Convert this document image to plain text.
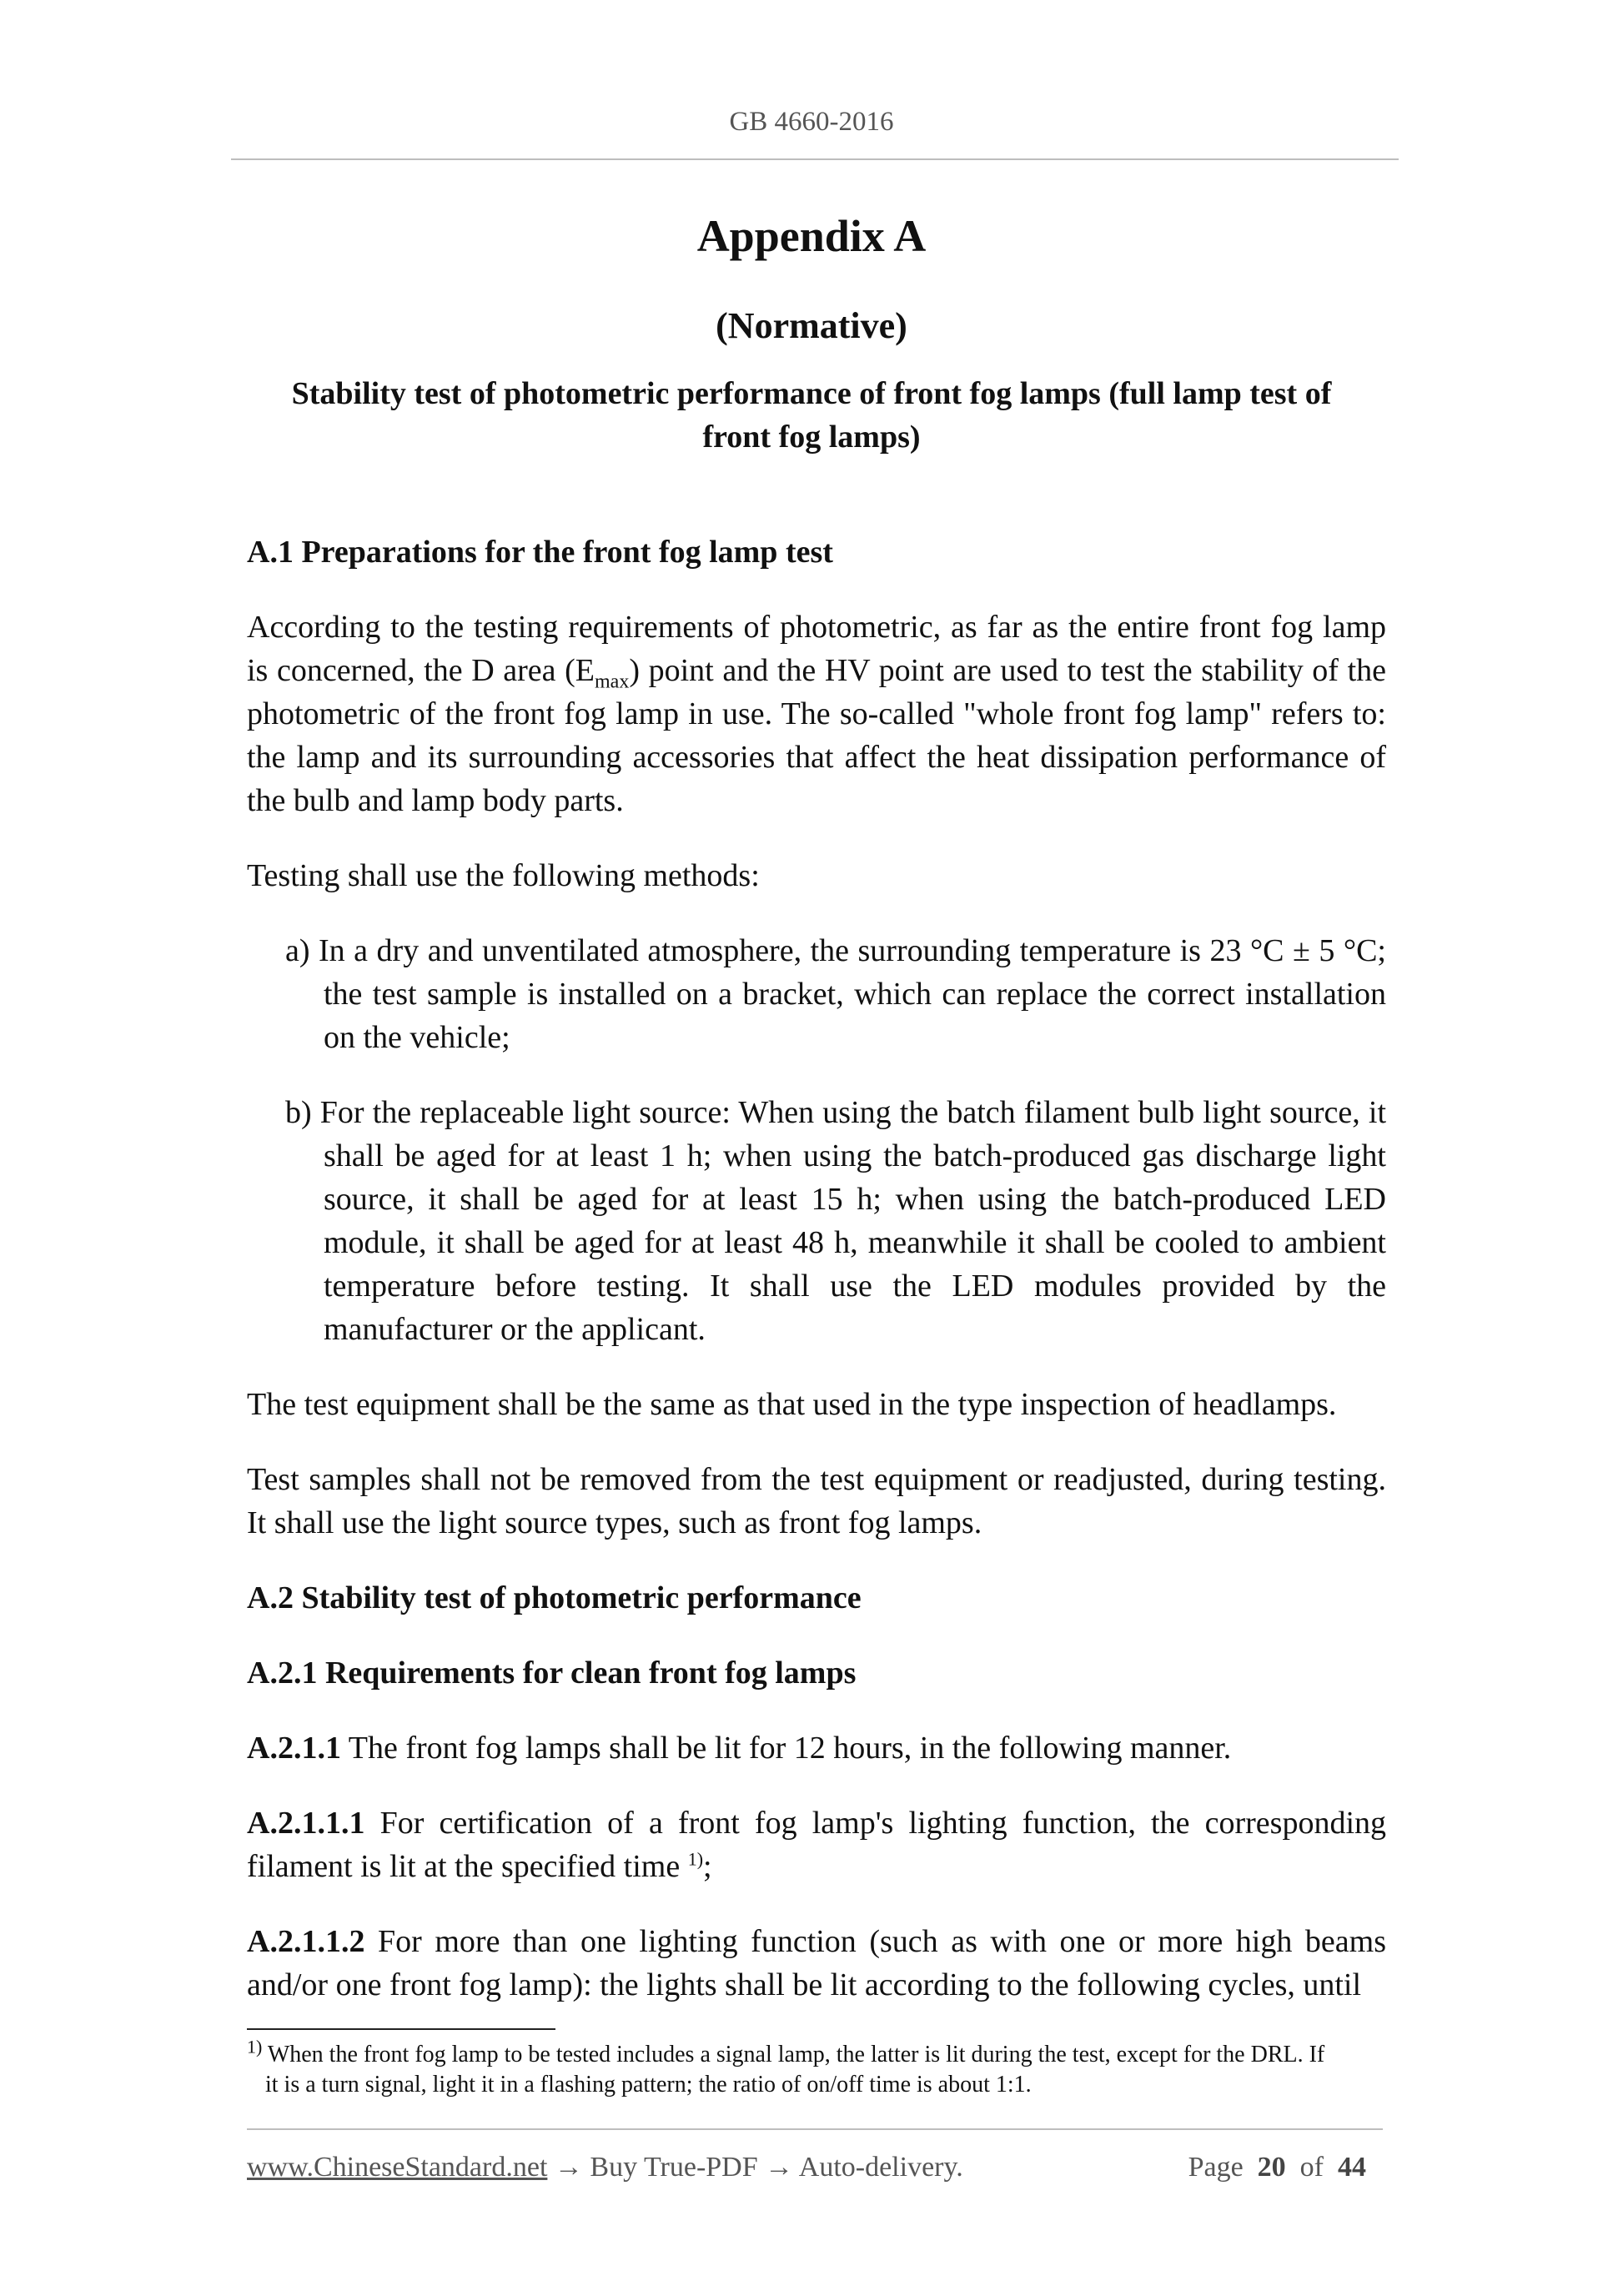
GB 4660-2016
Appendix A
(Normative)
Stability test of photometric performance of front fog lamps (full lamp test of
front fog lamps)

A.1 Preparations for the front fog lamp test

According to the testing requirements of photometric, as far as the entire front fog lamp is concerned, the D area $(E_{max})$ point and the HV point are used to test the stability of the photometric of the front fog lamp in use. The so-called "whole front fog lamp" refers to: the lamp and its surrounding accessories that affect the heat dissipation performance of the bulb and lamp body parts.

Testing shall use the following methods:

a) In a dry and unventilated atmosphere, the surrounding temperature is 23 °C ± 5 °C; the test sample is installed on a bracket, which can replace the correct installation on the vehicle;

b) For the replaceable light source: When using the batch filament bulb light source, it shall be aged for at least 1 h; when using the batch-produced gas discharge light source, it shall be aged for at least 15 h; when using the batch-produced LED module, it shall be aged for at least 48 h, meanwhile it shall be cooled to ambient temperature before testing. It shall use the LED modules provided by the manufacturer or the applicant.

The test equipment shall be the same as that used in the type inspection of headlamps.

Test samples shall not be removed from the test equipment or readjusted, during testing. It shall use the light source types, such as front fog lamps.

A.2 Stability test of photometric performance

A.2.1 Requirements for clean front fog lamps

A.2.1.1 The front fog lamps shall be lit for 12 hours, in the following manner.

A.2.1.1.1 For certification of a front fog lamp's lighting function, the corresponding filament is lit at the specified time $^{1)}$;

A.2.1.1.2 For more than one lighting function (such as with one or more high beams and/or one front fog lamp): the lights shall be lit according to the following cycles, until

$^{1)}$ When the front fog lamp to be tested includes a signal lamp, the latter is lit during the test, except for the DRL. If
it is a turn signal, light it in a flashing pattern; the ratio of on/off time is about 1:1.
www.ChineseStandard.net → Buy True-PDF → Auto-delivery.	Page 20 of 44
